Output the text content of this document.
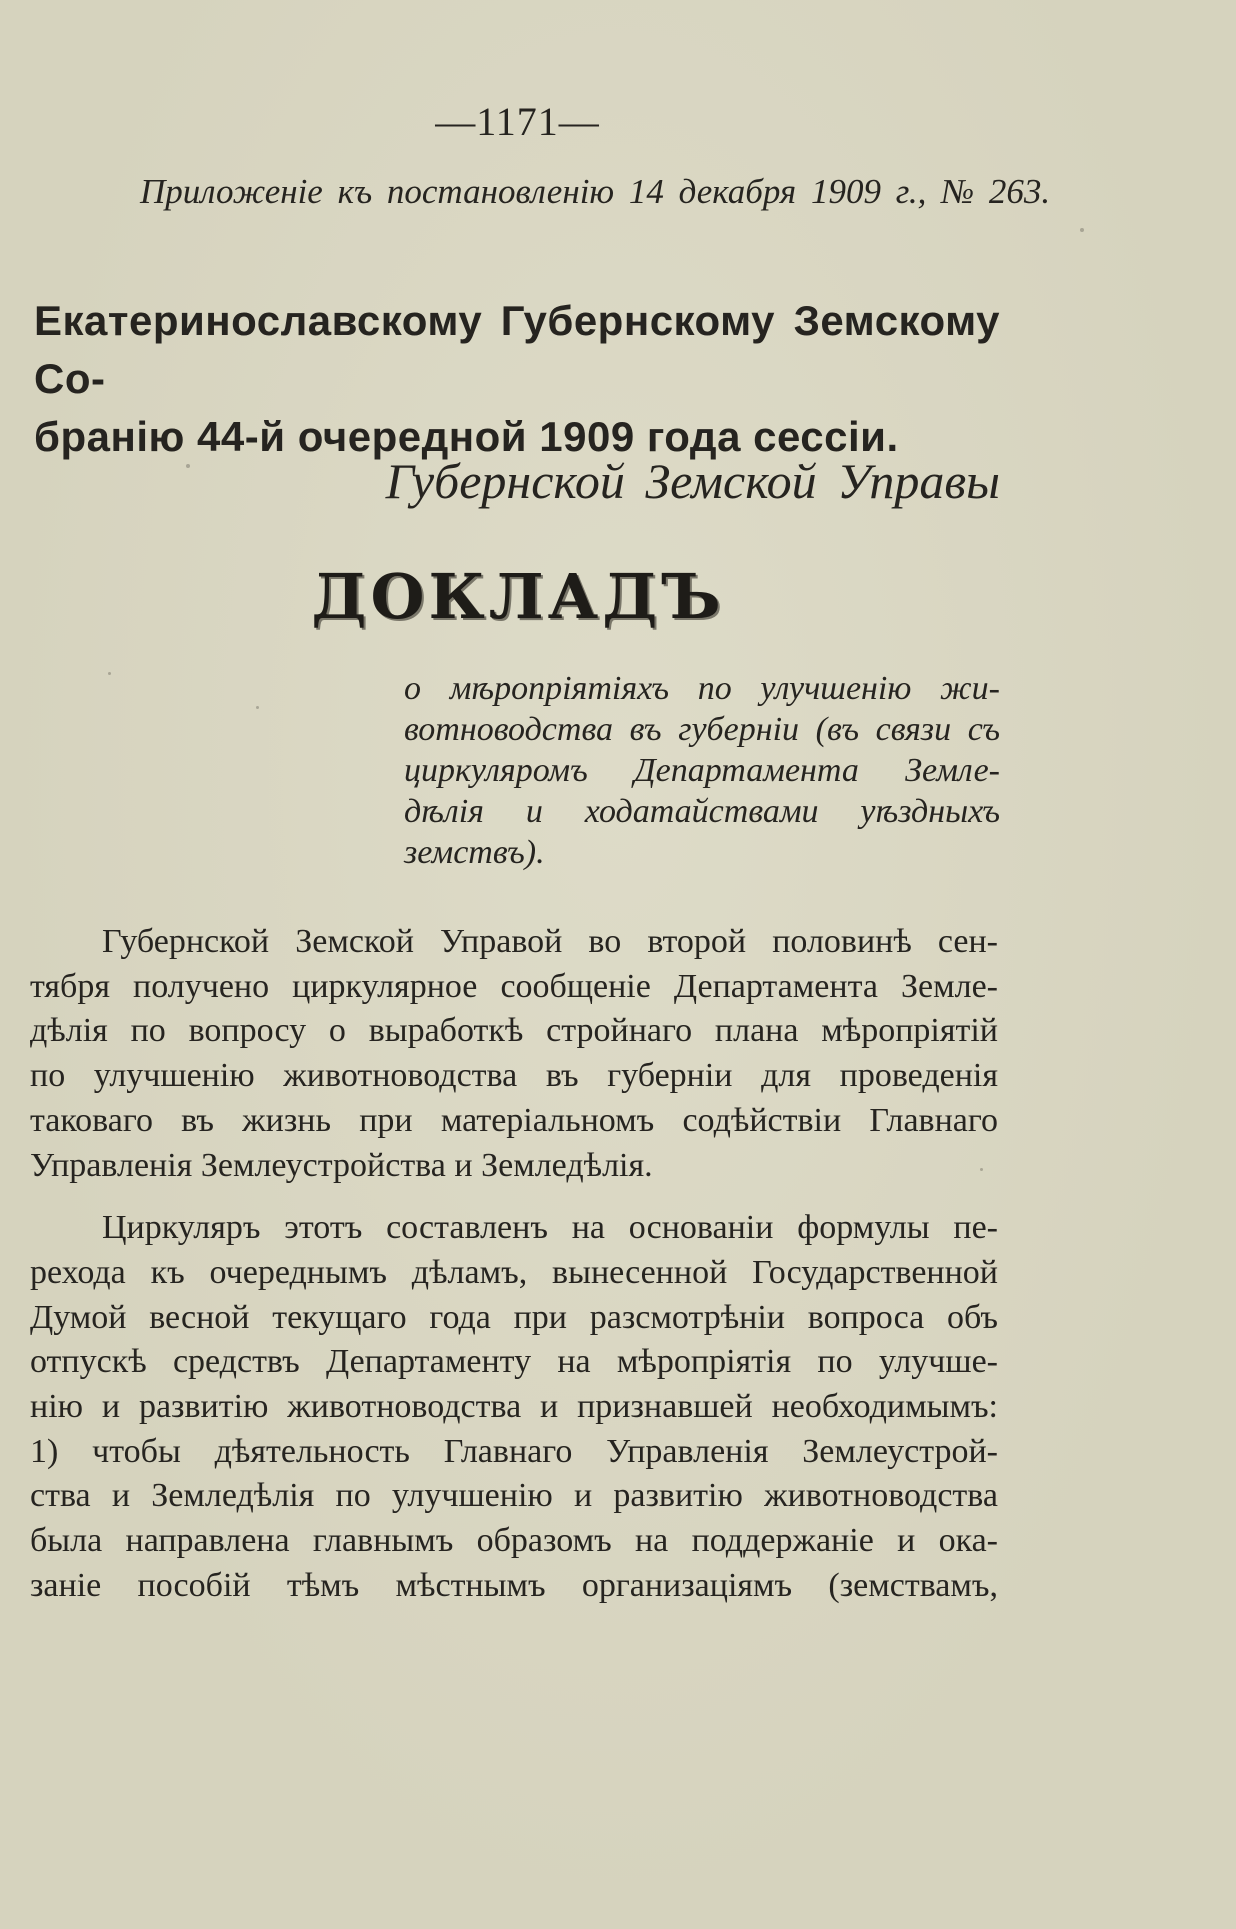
—1171—
Приложенiе къ постановленiю 14 декабря 1909 г., № 263.
Екатеринославскому Губернскому Земскому Со-
бранiю 44-й очередной 1909 года сессiи.
Губернской Земской Управы
ДОКЛАДЪ
о мѣропрiятiяхъ по улучшенiю жи-
вотноводства въ губернiи (въ связи съ
циркуляромъ Департамента Земле-
дѣлiя и ходатайствами уѣздныхъ
земствъ).
Губернской Земской Управой во второй половинѣ сен-
тября получено циркулярное сообщенiе Департамента Земле-
дѣлiя по вопросу о выработкѣ стройнаго плана мѣропрiятiй
по улучшенiю животноводства въ губернiи для проведенiя
таковаго въ жизнь при матерiальномъ содѣйствiи Главнаго
Управленiя Землеустройства и Земледѣлiя.
Циркуляръ этотъ составленъ на основанiи формулы пе-
рехода къ очереднымъ дѣламъ, вынесенной Государственной
Думой весной текущаго года при разсмотрѣнiи вопроса объ
отпускѣ средствъ Департаменту на мѣропрiятiя по улучше-
нiю и развитiю животноводства и признавшей необходимымъ:
1) чтобы дѣятельность Главнаго Управленiя Землеустрой-
ства и Земледѣлiя по улучшенiю и развитiю животноводства
была направлена главнымъ образомъ на поддержанiе и ока-
занiе пособiй тѣмъ мѣстнымъ организацiямъ (земствамъ,
